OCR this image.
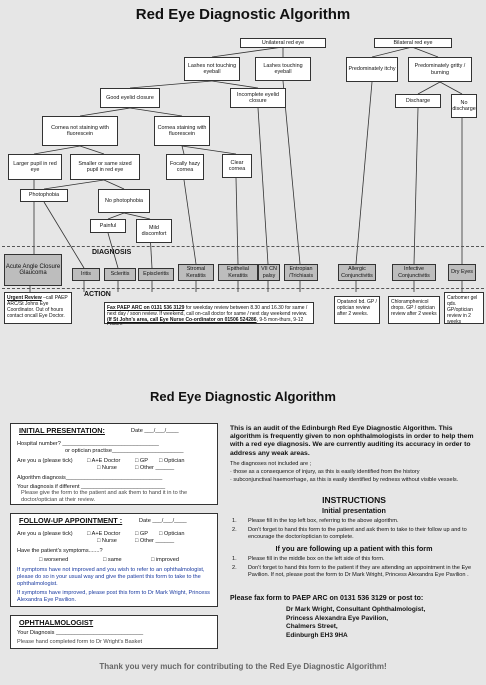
Red Eye Diagnostic Algorithm
Unilateral red eye	Bilateral red eye
Lashes not touching eyeball
Lashes touching eyeball	Predominately itchy
Predominately gritty / burning
Good eyelid closure
Incomplete eyelid closure	Discharge	No discharge
Cornea not staining with fluorescein
Cornea staining with fluorescein
Larger pupil in red eye
Smaller or same sized pupil in red eye
Focally hazy cornea
Clear cornea
Photophobia
No photophobia
Painful	Mild discomfort
DIAGNOSIS
Acute Angle Closure Glaucoma	Iritis	Scleritis	Episcleritis
Stromal Keratitis
Epithelial Keratitis
VII CN palsy
Entropian /Trichiasis
Allergic Conjunctivitis
Infective Conjunctivitis
Dry Eyes
ACTION
Urgent Review –call PAEP ARC/St Johns Eye Coordinator. Out of hours contact oncall Eye Doctor.
Fax PAEP ARC on 0131 536 3129 for weekday review between 8.30 and 16.30 for same / next day / soon review. If weekend, call on-call doctor for same / next day weekend review.
(If St John's area, call Eye Nurse Co-ordinator on 01506 524286, 9-5 mon-thurs, 9-12
Opatanol bd. GP / optician review after 2 weeks.
Chloramphenicol drops. GP / optician review after 2 weeks
Carbomer gel qds. GP/optician review in 2 weeks
Red Eye Diagnostic Algorithm
INITIAL PRESENTATION:	Date ___/___/____
Hospital number? _______________________________
or optician practise_______________________
Are you a (please tick)	□ A+E Doctor	□ GP □ Optician
□ Nurse	□ Other ______
Algorithm diagnosis_______________________________
Your diagnosis if different ___________________________
Please give the form to the patient and ask them to hand it in to the doctor/optician at their review.
FOLLOW-UP APPOINTMENT :	Date ___/___/____
Are you a (please tick)	□ A+E Doctor	□ GP □ Optician
□ Nurse	□ Other ______
Have the patient's symptoms.......?
□ worsened	□ same	□ improved
If symptoms have not improved and you wish to refer to an ophthalmologist, please do so in your usual way and give the patient this form to take to the ophthalmologist.
If symptoms have improved, please post this form to Dr Mark Wright, Princess Alexandra Eye Pavilion.
OPHTHALMOLOGIST
Your Diagnosis ____________________________
Please hand completed form to Dr Wright's Basket
This is an audit of the Edinburgh Red Eye Diagnostic Algorithm. This algorithm is frequently given to non ophthalmologists in order to help them with a red eye diagnosis. We are currently auditing its accuracy in order to address any weak areas.
The diagnoses not included are ;
· those as a consequence of injury, as this is easily identified from the history
· subconjunctival haemorrhage, as this is easily identified by redness without visible vessels.
INSTRUCTIONS
Initial presentation
1. Please fill in the top left box, referring to the above algorithm.
2. Don't forget to hand this form to the patient and ask them to take to their follow up and to encourage the doctor/optician to complete.
If you are following up a patient with this form
1. Please fill in the middle box on the left side of this form.
2. Don't forget to hand this form to the patient if they are attending an appointment in the Eye Pavilion. If not, please post the form to Dr Mark Wright, Princess Alexandra Eye Pavilion .
Please fax form to PAEP ARC on 0131 536 3129 or post to:
Dr Mark Wright, Consultant Ophthalmologist,
Princess Alexandra Eye Pavilion,
Chalmers Street,
Edinburgh EH3 9HA
Thank you very much for contributing to the Red Eye Diagnostic Algorithm!
